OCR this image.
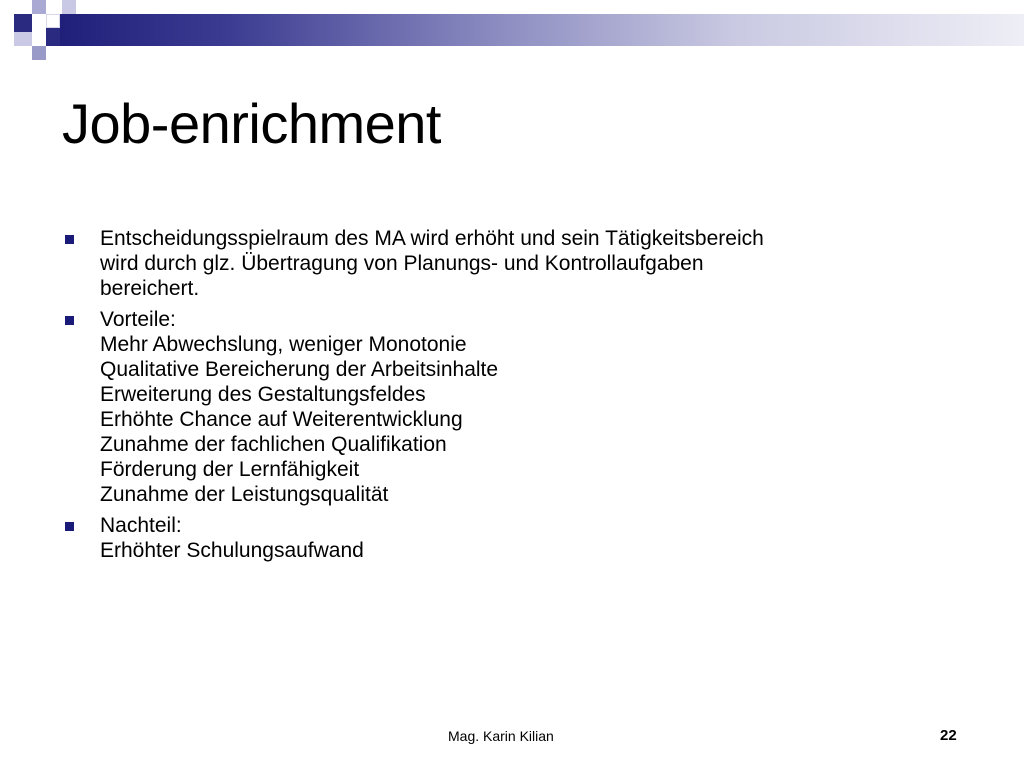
Job-enrichment
Entscheidungsspielraum des MA wird erhöht und sein Tätigkeitsbereich
wird durch glz. Übertragung von Planungs- und Kontrollaufgaben
bereichert.
Vorteile:
Mehr Abwechslung, weniger Monotonie
Qualitative Bereicherung der Arbeitsinhalte
Erweiterung des Gestaltungsfeldes
Erhöhte Chance auf Weiterentwicklung
Zunahme der fachlichen Qualifikation
Förderung der Lernfähigkeit
Zunahme der Leistungsqualität
Nachteil:
Erhöhter Schulungsaufwand
Mag. Karin Kilian	22
